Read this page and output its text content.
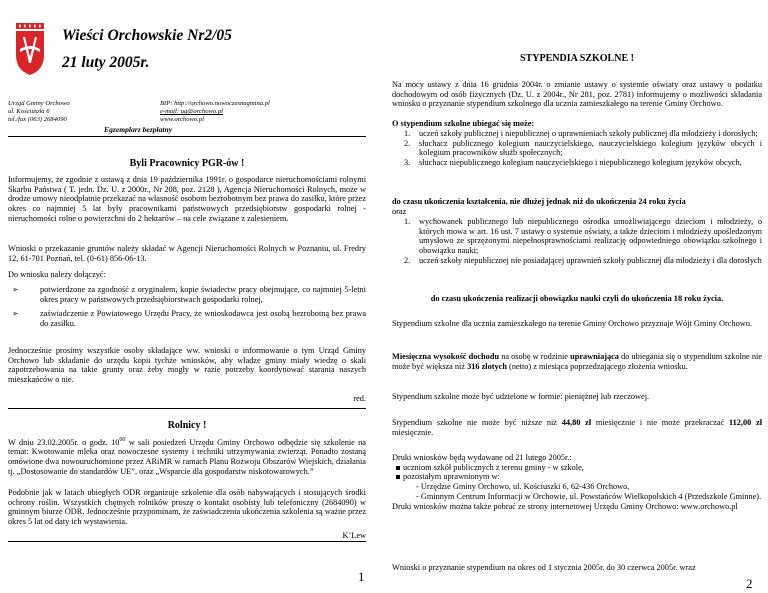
Wieści Orchowskie Nr2/05
21 luty 2005r.
Urząd Gminy Orchowo
ul. Kościuszki 6
tel./fax (063) 2684090
BIP: http://orchowo.nowoczesnagmina.pl
e-mail: ug@orchowo.pl
www.orchowo.pl
Egzemplarz bezpłatny
Byli Pracownicy PGR-ów !
Informujemy, że zgodnie z ustawą z dnia 19 października 1991r. o gospodarce nieruchomościami rolnymi Skarbu Państwa ( T. jedn. Dz. U. z 2000r., Nr 208, poz. 2128 ), Agencja Nieruchomości Rolnych, może w drodze umowy nieodpłatnie przekazać na własność osobom bezrobotnym bez prawa do zasiłku, które przez okres co najmniej 5 lat były pracownikami państwowych przedsiębiorstw gospodarki rolnej - nieruchomości rolne o powierzchni do 2 hektarów – na cele związane z zalesieniem.
Wnioski o przekazanie gruntów należy składać w Agencji Nieruchomości Rolnych w Poznaniu, ul. Fredry 12, 61-701 Poznań, tel. (0-61) 856-06-13.
Do wniosku należy dołączyć:
➢	potwierdzone za zgodność z oryginałem, kopie świadectw pracy obejmujące, co najmniej 5-letni okres pracy w państwowych przedsiębiorstwach gospodarki rolnej,
➢	zaświadczenie z Powiatowego Urzędu Pracy, że wnioskodawca jest osobą bezrobotną bez prawa do zasiłku.
Jednocześnie prosimy wszystkie osoby składające ww. wnioski o informowanie o tym Urząd Gminy Orchowo lub składanie do urzędu kopii tychże wniosków, aby władze gminy miały wiedzę o skali zapotrzebowania na takie grunty oraz żeby mogły w razie potrzeby koordynować starania naszych mieszkańców o nie.
red.
Rolnicy !
W dniu 23.02.2005r. o godz. $10^{00}$ w sali posiedzeń Urzędu Gminy Orchowo odbędzie się szkolenie na temat: Kwotowanie mleka oraz nowoczesne systemy i techniki utrzymywania zwierząt. Ponadto zostaną omówione dwa nowouruchomione przez ARiMR w ramach Planu Rozwoju Obszarów Wiejskich, działania tj. „Dostosowanie do standardów UE”, oraz „Wsparcie dla gospodarstw niskotowarowych.”
Podobnie jak w latach ubiegłych ODR organizuje szkolenie dla osób nabywających i stosujących środki ochrony roślin. Wszystkich chętnych rolników proszę o kontakt osobisty lub telefoniczny (2684090) w gminnym biurze ODR. Jednocześnie przypominam, że zaświadczenia ukończenia szkolenia są ważne przez okres 5 lat od daty ich wystawienia.
K’Lew
1
STYPENDIA SZKOLNE !
Na mocy ustawy z dnia 16 grudnia 2004r. o zmianie ustawy o systemie oświaty oraz ustawy o podatku dochodowym od osób fizycznych (Dz. U. z 2004r., Nr 281, poz. 2781) informujemy o możliwości składania wniosku o przyznanie stypendium szkolnego dla ucznia zamieszkałego na terenie Gminy Orchowo.
O stypendium szkolne ubiegać się może:
1. uczeń szkoły publicznej i niepublicznej o uprawnieniach szkoły publicznej dla młodzieży i dorosłych;
2. słuchacz publicznego kolegium nauczycielskiego, nauczycielskiego kolegium języków obcych i kolegium pracowników służb społecznych;
3. słuchacz niepublicznego kolegium nauczycielskiego i niepublicznego kolegium języków obcych,
do czasu ukończenia kształcenia, nie dłużej jednak niż do ukończenia 24 roku życia
oraz
1. wychowanek publicznego lub niepublicznego ośrodka umożliwiającego dzieciom i młodzieży, o których mowa w art. 16 ust. 7 ustawy o systemie oświaty, a także dzieciom i młodzieży upośledzonym umysłowo ze sprzężonymi niepełnosprawnościami realizację odpowiedniego obowiązku szkolnego i obowiązku nauki;
2. uczeń szkoły niepublicznej nie posiadającej uprawnień szkoły publicznej dla młodzieży i dla dorosłych
do czasu ukończenia realizacji obowiązku nauki czyli do ukończenia 18 roku życia.
Stypendium szkolne dla ucznia zamieszkałego na terenie Gminy Orchowo przyznaje Wójt Gminy Orchowo.
Miesięczna wysokość dochodu na osobę w rodzinie uprawniająca do ubiegania się o stypendium szkolne nie może być większa niż 316 złotych (netto) z miesiąca poprzedzającego złożenia wniosku.
Stypendium szkolne może być udzielone w formie: pieniężnej lub rzeczowej.
Stypendium szkolne nie może być niższe niż 44,80 zł miesięcznie i nie może przekraczać 112,00 zł miesięcznie.
Druki wniosków będą wydawane od 21 lutego 2005r.:
uczniom szkół publicznych z terenu gminy - w szkole,
pozostałym uprawnionym w:
- Urzędzie Gminy Orchowo, ul. Kościuszki 6, 62-436 Orchowo,
- Gminnym Centrum Informacji w Orchowie, ul. Powstańców Wielkopolskich 4 (Przedszkole Gminne).
Druki wniosków można także pobrać ze strony internetowej Urzędu Gminy Orchowo: www.orchowo.pl
Wnioski o przyznanie stypendium na okres od 1 stycznia 2005r. do 30 czerwca 2005r. wraz
2
